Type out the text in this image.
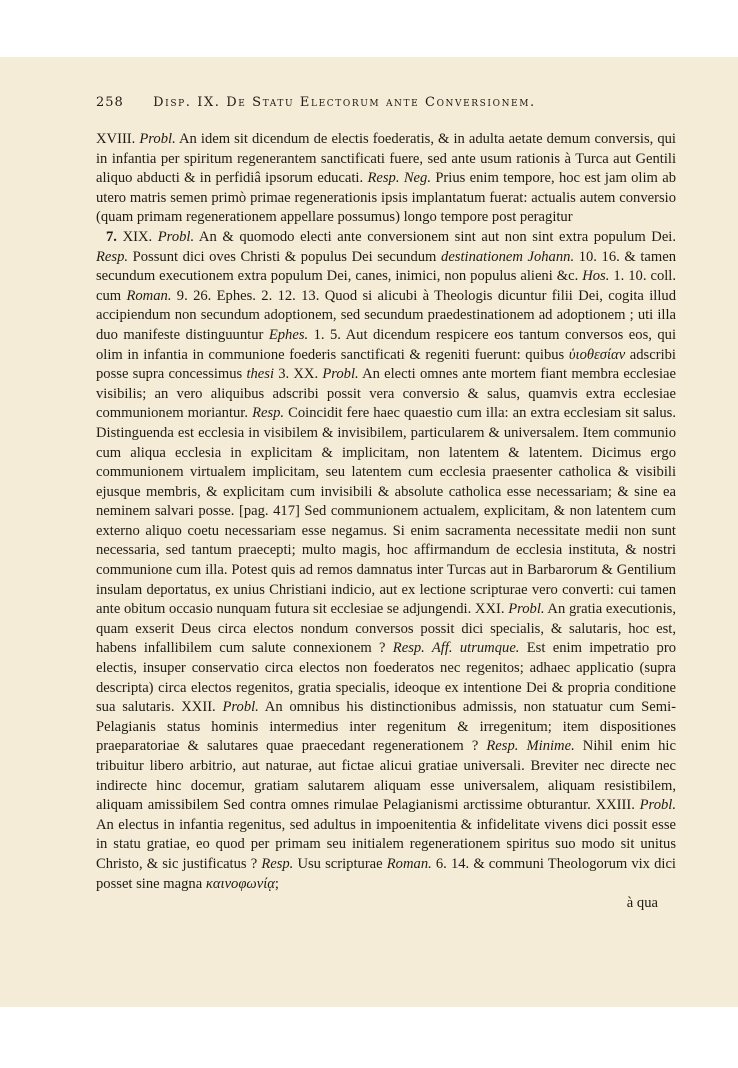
258 Disp. IX. De Statu Electorum ante Conversionem.

XVIII. Probl. An idem sit dicendum de electis foederatis, & in adulta aetate demum conversis, qui in infantia per spiritum regenerantem sanctificati fuere, sed ante usum rationis à Turca aut Gentili aliquo abducti & in perfidiâ ipsorum educati. Resp. Neg. Prius enim tempore, hoc est jam olim ab utero matris semen primò primae regenerationis ipsis implantatum fuerat: actualis autem conversio (quam primam regenerationem appellare possumus) longo tempore post peragitur

7. XIX. Probl. An & quomodo electi ante conversionem sint aut non sint extra populum Dei. Resp. Possunt dici oves Christi & populus Dei secundum destinationem Johann. 10. 16. & tamen secundum executionem extra populum Dei, canes, inimici, non populus alieni &c. Hos. 1. 10. coll. cum Roman. 9. 26. Ephes. 2. 12. 13. Quod si alicubi à Theologis dicuntur filii Dei, cogita illud accipiendum non secundum adoptionem, sed secundum praedestinationem ad adoptionem ; uti illa duo manifeste distinguuntur Ephes. 1. 5. Aut dicendum respicere eos tantum conversos eos, qui olim in infantia in communione foederis sanctificati & regeniti fuerunt: quibus ὑιοθεσίαν adscribi posse supra concessimus thesi 3. XX. Probl. An electi omnes ante mortem fiant membra ecclesiae visibilis; an vero aliquibus adscribi possit vera conversio & salus, quamvis extra ecclesiae communionem moriantur. Resp. Coincidit fere haec quaestio cum illa: an extra ecclesiam sit salus. Distinguenda est ecclesia in visibilem & invisibilem, particularem & universalem. Item communio cum aliqua ecclesia in explicitam & implicitam, non latentem & latentem. Dicimus ergo communionem virtualem implicitam, seu latentem cum ecclesia praesenter catholica & visibili ejusque membris, & explicitam cum invisibili & absolute catholica esse necessariam; & sine ea neminem salvari posse. [pag. 417] Sed communionem actualem, explicitam, & non latentem cum externo aliquo coetu necessariam esse negamus. Si enim sacramenta necessitate medii non sunt necessaria, sed tantum praecepti; multo magis, hoc affirmandum de ecclesia instituta, & nostri communione cum illa. Potest quis ad remos damnatus inter Turcas aut in Barbarorum & Gentilium insulam deportatus, ex unius Christiani indicio, aut ex lectione scripturae vero converti: cui tamen ante obitum occasio nunquam futura sit ecclesiae se adjungendi. XXI. Probl. An gratia executionis, quam exserit Deus circa electos nondum conversos possit dici specialis, & salutaris, hoc est, habens infallibilem cum salute connexionem ? Resp. Aff. utrumque. Est enim impetratio pro electis, insuper conservatio circa electos non foederatos nec regenitos; adhaec applicatio (supra descripta) circa electos regenitos, gratia specialis, ideoque ex intentione Dei & propria conditione sua salutaris. XXII. Probl. An omnibus his distinctionibus admissis, non statuatur cum Semi-Pelagianis status hominis intermedius inter regenitum & irregenitum; item dispositiones praeparatoriae & salutares quae praecedant regenerationem ? Resp. Minime. Nihil enim hic tribuitur libero arbitrio, aut naturae, aut fictae alicui gratiae universali. Breviter nec directe nec indirecte hinc docemur, gratiam salutarem aliquam esse universalem, aliquam resistibilem, aliquam amissibilem Sed contra omnes rimulae Pelagianismi arctissime obturantur. XXIII. Probl. An electus in infantia regenitus, sed adultus in impoenitentia & infidelitate vivens dici possit esse in statu gratiae, eo quod per primam seu initialem regenerationem spiritus suo modo sit unitus Christo, & sic justificatus ? Resp. Usu scripturae Roman. 6. 14. & communi Theologorum vix dici posset sine magna καινοφωνίᾳ;

à qua
